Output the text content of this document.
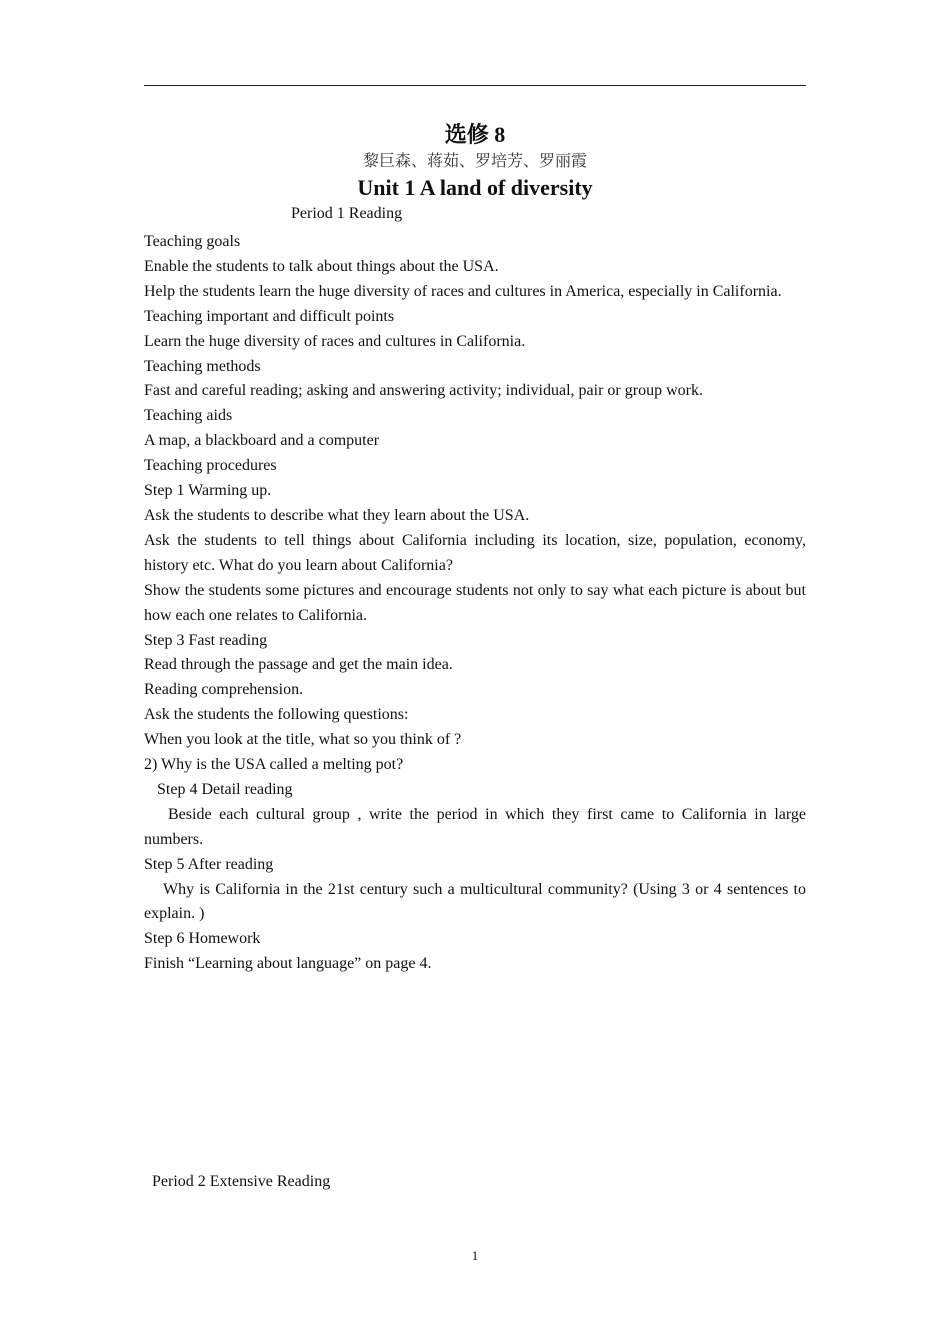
选修 8
黎巨森、蒋茹、罗培芳、罗丽霞
Unit 1 A land of diversity
Period 1 Reading

Teaching goals

Enable the students to talk about things about the USA.

Help the students learn the huge diversity of races and cultures in America, especially in California.

Teaching important and difficult points

Learn the huge diversity of races and cultures in California.

Teaching methods

Fast and careful reading; asking and answering activity; individual, pair or group work.

Teaching aids

A map, a blackboard and a computer

Teaching procedures

Step 1 Warming up.

Ask the students to describe what they learn about the USA.

Ask the students to tell things about California including its location, size, population, economy, history etc. What do you learn about California?

Show the students some pictures and encourage students not only to say what each picture is about but how each one relates to California.

Step 3 Fast reading

Read through the passage and get the main idea.

Reading comprehension.

Ask the students the following questions:

When you look at the title, what so you think of ?

2) Why is the USA called a melting pot?

Step 4 Detail reading

Beside each cultural group , write the period in which they first came to California in large numbers.

Step 5 After reading

Why is California in the 21st century such a multicultural community? (Using 3 or 4 sentences to explain. )

Step 6 Homework

Finish “Learning about language” on page 4.

Period 2 Extensive Reading
1
